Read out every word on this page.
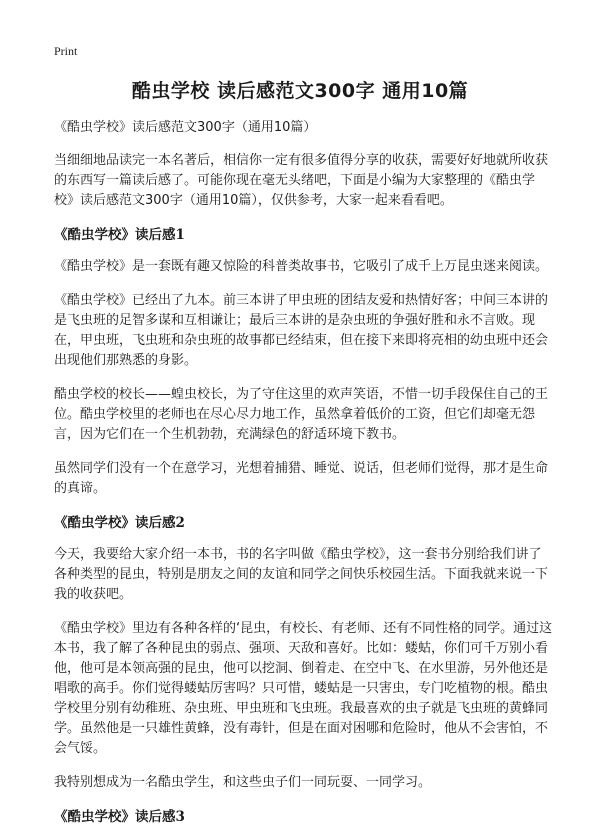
Print
酷虫学校 读后感范文300字 通用10篇

《酷虫学校》读后感范文300字（通用10篇）

当细细地品读完一本名著后，相信你一定有很多值得分享的收获，需要好好地就所收获的东西写一篇读后感了。可能你现在毫无头绪吧，下面是小编为大家整理的《酷虫学校》读后感范文300字（通用10篇），仅供参考，大家一起来看看吧。

《酷虫学校》读后感1

《酷虫学校》是一套既有趣又惊险的科普类故事书，它吸引了成千上万昆虫迷来阅读。

《酷虫学校》已经出了九本。前三本讲了甲虫班的团结友爱和热情好客；中间三本讲的是飞虫班的足智多谋和互相谦让；最后三本讲的是杂虫班的争强好胜和永不言败。现在，甲虫班，飞虫班和杂虫班的故事都已经结束，但在接下来即将亮相的幼虫班中还会出现他们那熟悉的身影。

酷虫学校的校长——蝗虫校长，为了守住这里的欢声笑语，不惜一切手段保住自己的王位。酷虫学校里的老师也在尽心尽力地工作，虽然拿着低价的工资，但它们却毫无怨言，因为它们在一个生机勃勃，充满绿色的舒适环境下教书。

虽然同学们没有一个在意学习，光想着捕猎、睡觉、说话，但老师们觉得，那才是生命的真谛。

《酷虫学校》读后感2

今天，我要给大家介绍一本书，书的名字叫做《酷虫学校》，这一套书分别给我们讲了各种类型的昆虫，特别是朋友之间的友谊和同学之间快乐校园生活。下面我就来说一下我的收获吧。

《酷虫学校》里边有各种各样的‘昆虫，有校长、有老师、还有不同性格的同学。通过这本书，我了解了各种昆虫的弱点、强项、天敌和喜好。比如：蝼蛄，你们可千万别小看他，他可是本领高强的昆虫，他可以挖洞、倒着走、在空中飞、在水里游，另外他还是唱歌的高手。你们觉得蝼蛄厉害吗？只可惜，蝼蛄是一只害虫，专门吃植物的根。酷虫学校里分别有幼稚班、杂虫班、甲虫班和飞虫班。我最喜欢的虫子就是飞虫班的黄蜂同学。虽然他是一只雄性黄蜂，没有毒针，但是在面对困哪和危险时，他从不会害怕，不会气馁。

我特别想成为一名酷虫学生，和这些虫子们一同玩耍、一同学习。

《酷虫学校》读后感3
